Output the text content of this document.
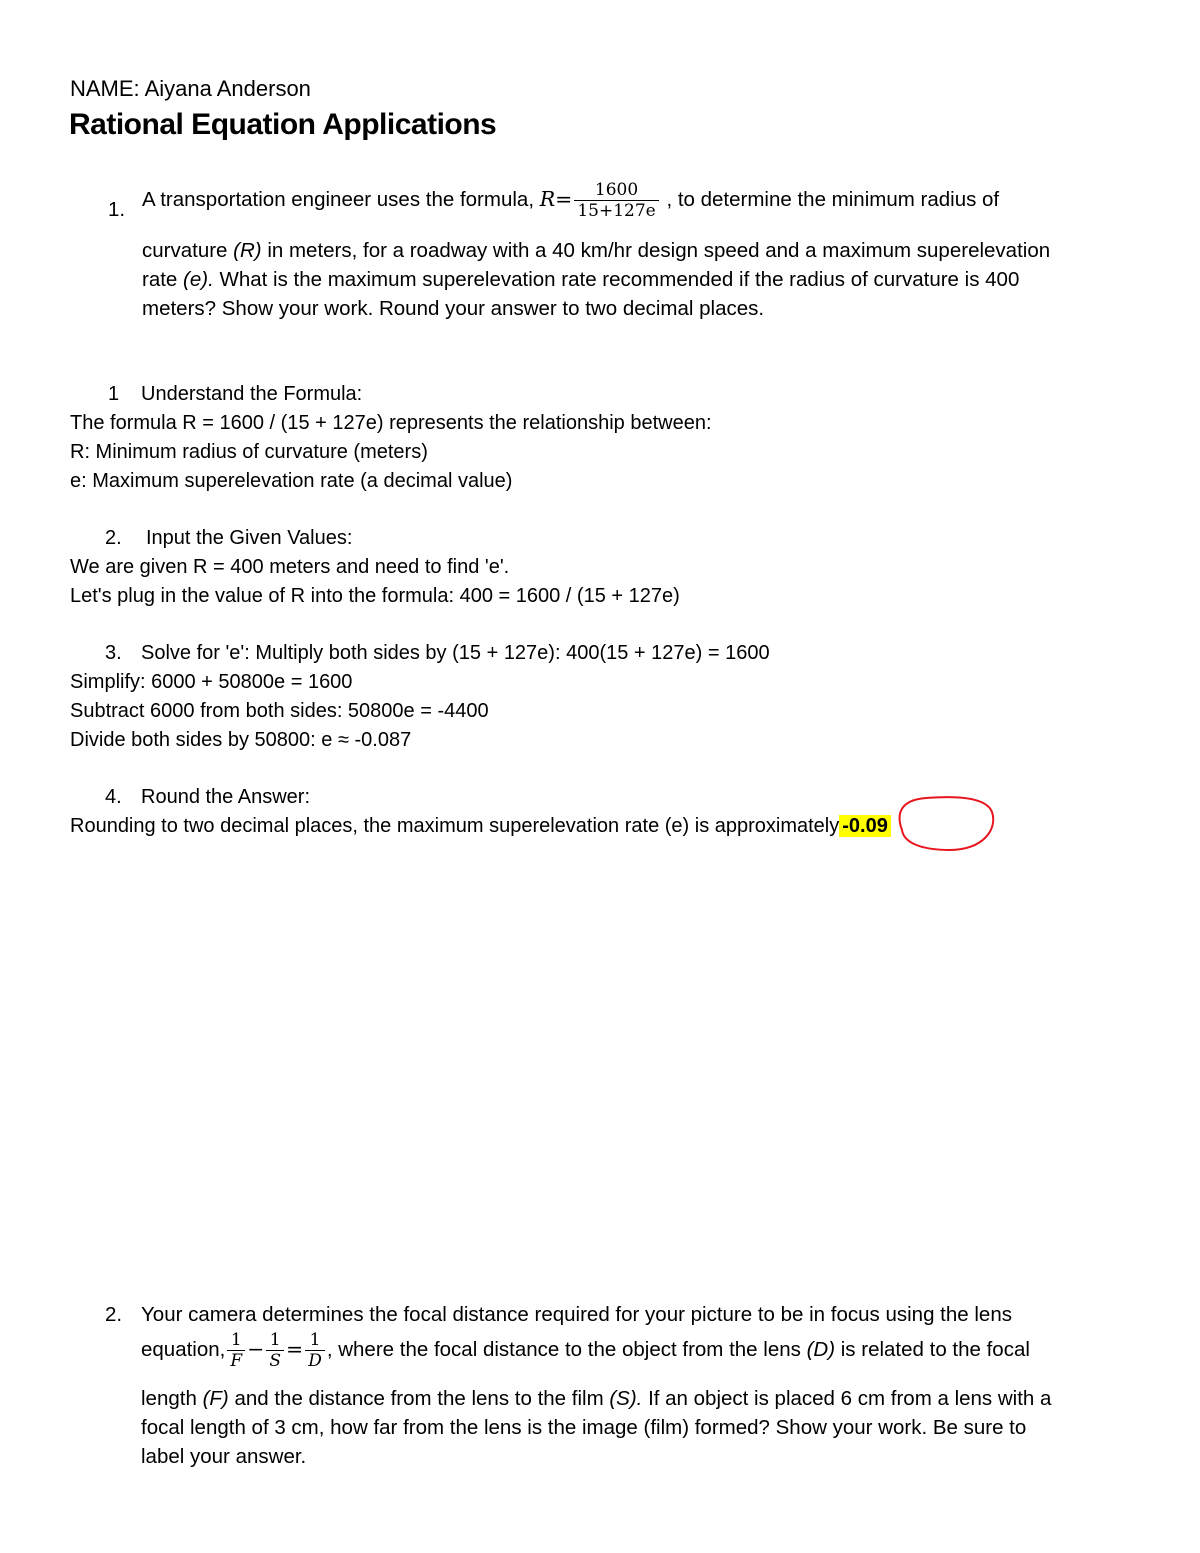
NAME: Aiyana Anderson
Rational Equation Applications
1. A transportation engineer uses the formula, $R= \frac{1600}{15+127e}$ , to determine the minimum radius of
curvature (R) in meters, for a roadway with a 40 km/hr design speed and a maximum superelevation
rate (e). What is the maximum superelevation rate recommended if the radius of curvature is 400
meters? Show your work. Round your answer to two decimal places.
1 Understand the Formula:
The formula R = 1600 / (15 + 127e) represents the relationship between:
R: Minimum radius of curvature (meters)
e: Maximum superelevation rate (a decimal value)
2. Input the Given Values:
We are given R = 400 meters and need to find 'e'.
Let's plug in the value of R into the formula: 400 = 1600 / (15 + 127e)
3. Solve for 'e': Multiply both sides by (15 + 127e): 400(15 + 127e) = 1600
Simplify: 6000 + 50800e = 1600
Subtract 6000 from both sides: 50800e = -4400
Divide both sides by 50800: e ≈ -0.087
4. Round the Answer:
Rounding to two decimal places, the maximum superelevation rate (e) is approximately -0.09
2. Your camera determines the focal distance required for your picture to be in focus using the lens
equation, $\frac{1}{F} - \frac{1}{S} = \frac{1}{D}$ , where the focal distance to the object from the lens (D) is related to the focal
length (F) and the distance from the lens to the film (S). If an object is placed 6 cm from a lens with a
focal length of 3 cm, how far from the lens is the image (film) formed? Show your work. Be sure to
label your answer.
